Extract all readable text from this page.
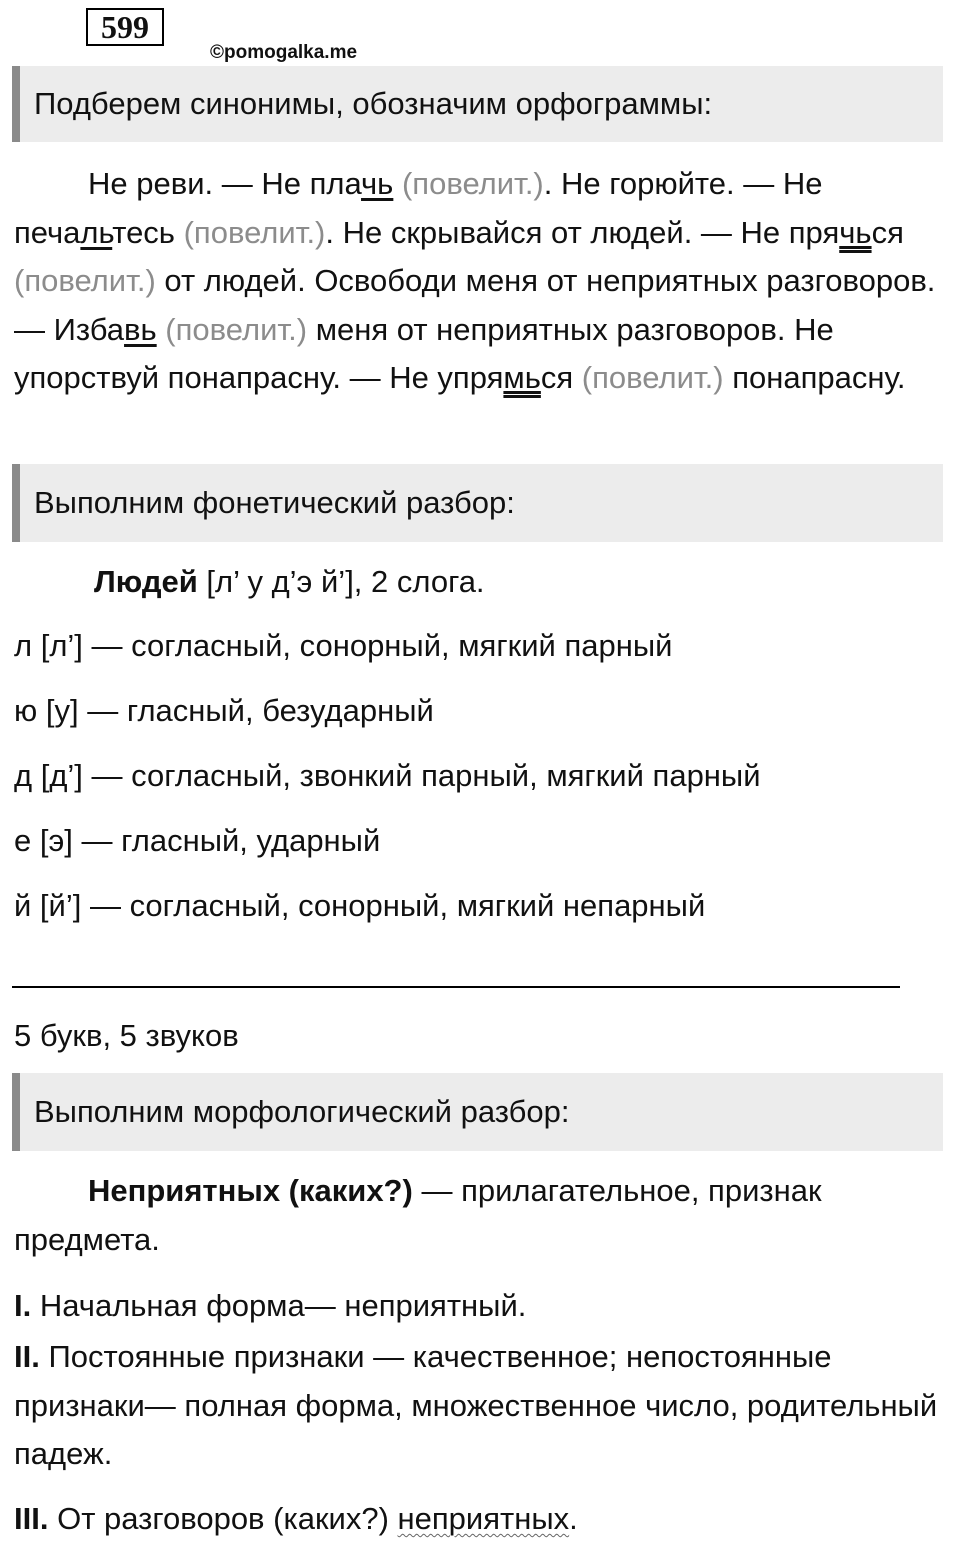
599
©pomogalka.me
Подберем синонимы, обозначим орфограммы:
Не реви. — Не плачь (повелит.). Не горюйте. — Не печальтесь (повелит.). Не скрывайся от людей. — Не прячься (повелит.) от людей. Освободи меня от неприятных разговоров. — Избавь (повелит.) меня от неприятных разговоров. Не упорствуй понапрасну. — Не упрямься (повелит.) понапрасну.
Выполним фонетический разбор:
Людей [л’ у д’э й’], 2 слога.
л [л’] — согласный, сонорный, мягкий парный
ю [у] — гласный, безударный
д [д’] — согласный, звонкий парный, мягкий парный
е [э] — гласный, ударный
й [й’] — согласный, сонорный, мягкий непарный
5 букв, 5 звуков
Выполним морфологический разбор:
Неприятных (каких?) — прилагательное, признак предмета.
I. Начальная форма— неприятный.
II. Постоянные признаки — качественное; непостоянные признаки— полная форма, множественное число, родительный падеж.
III. От разговоров (каких?) неприятных.
